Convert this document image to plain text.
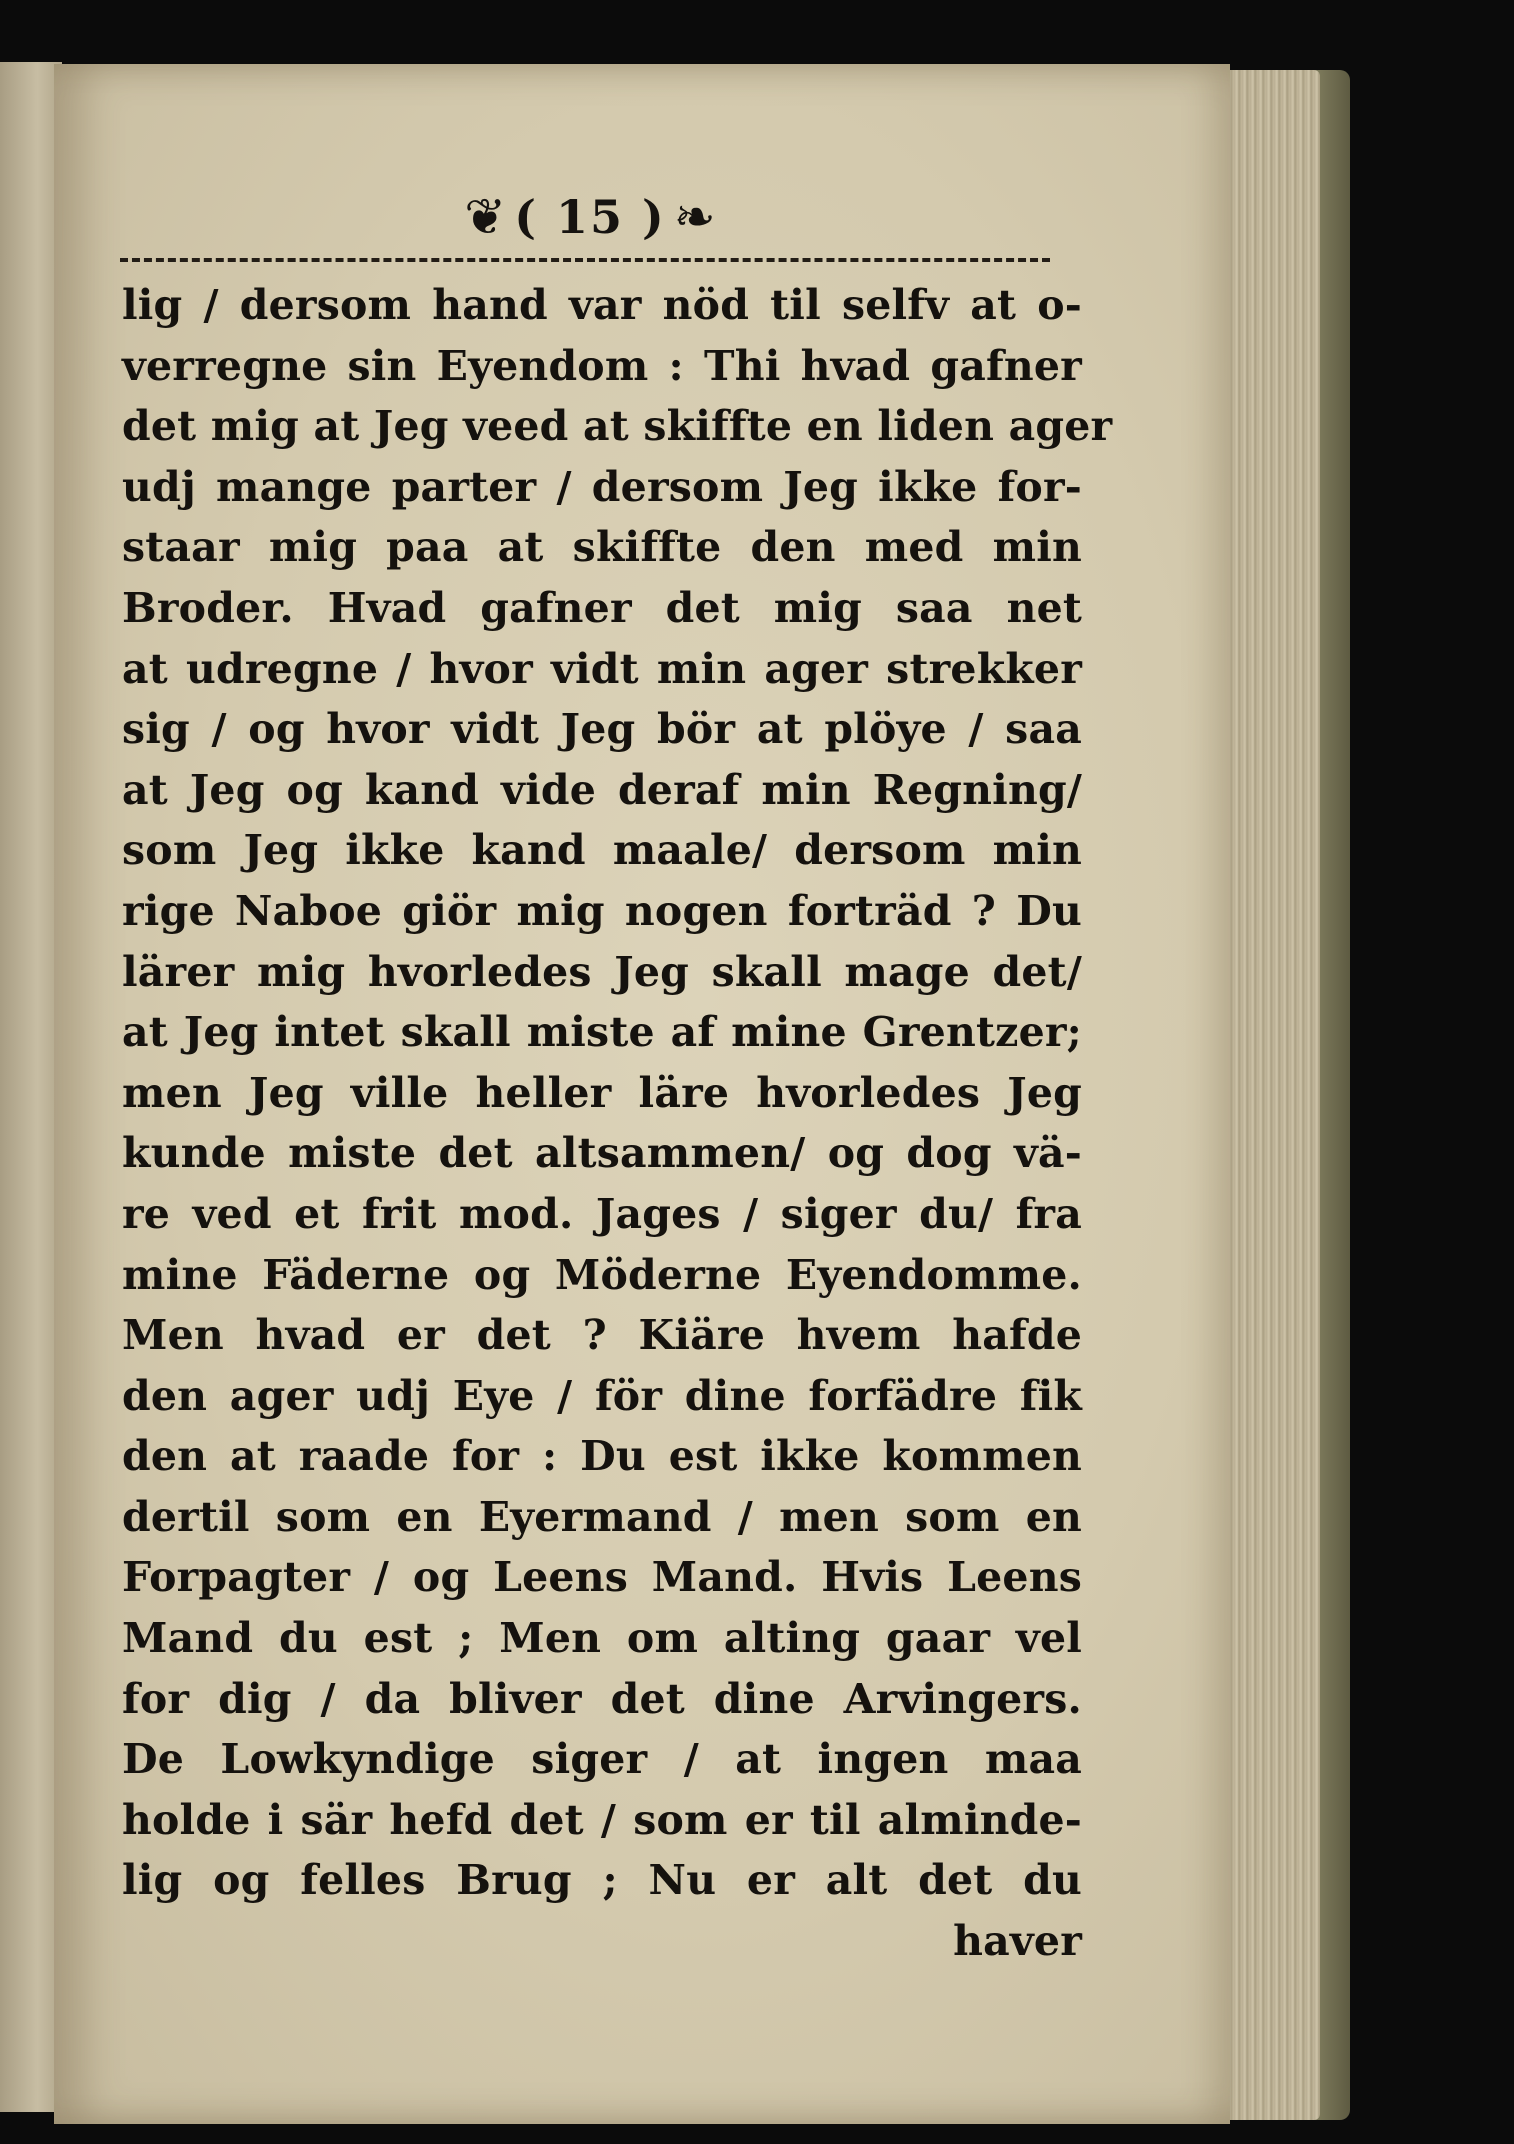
❦ ( 15 ) ❧
lig / dersom hand var nöd til selfv at o-
verregne sin Eyendom : Thi hvad gafner
det mig at Jeg veed at skiffte en liden ager
udj mange parter / dersom Jeg ikke for-
staar mig paa at skiffte den med min
Broder. Hvad gafner det mig saa net
at udregne / hvor vidt min ager strekker
sig / og hvor vidt Jeg bör at plöye / saa
at Jeg og kand vide deraf min Regning/
som Jeg ikke kand maale/ dersom min
rige Naboe giör mig nogen forträd ? Du
lärer mig hvorledes Jeg skall mage det/
at Jeg intet skall miste af mine Grentzer;
men Jeg ville heller läre hvorledes Jeg
kunde miste det altsammen/ og dog vä-
re ved et frit mod. Jages / siger du/ fra
mine Fäderne og Möderne Eyendomme.
Men hvad er det ? Kiäre hvem hafde
den ager udj Eye / för dine forfädre fik
den at raade for : Du est ikke kommen
dertil som en Eyermand / men som en
Forpagter / og Leens Mand. Hvis Leens
Mand du est ; Men om alting gaar vel
for dig / da bliver det dine Arvingers.
De Lowkyndige siger / at ingen maa
holde i sär hefd det / som er til alminde-
lig og felles Brug ; Nu er alt det du
haver
